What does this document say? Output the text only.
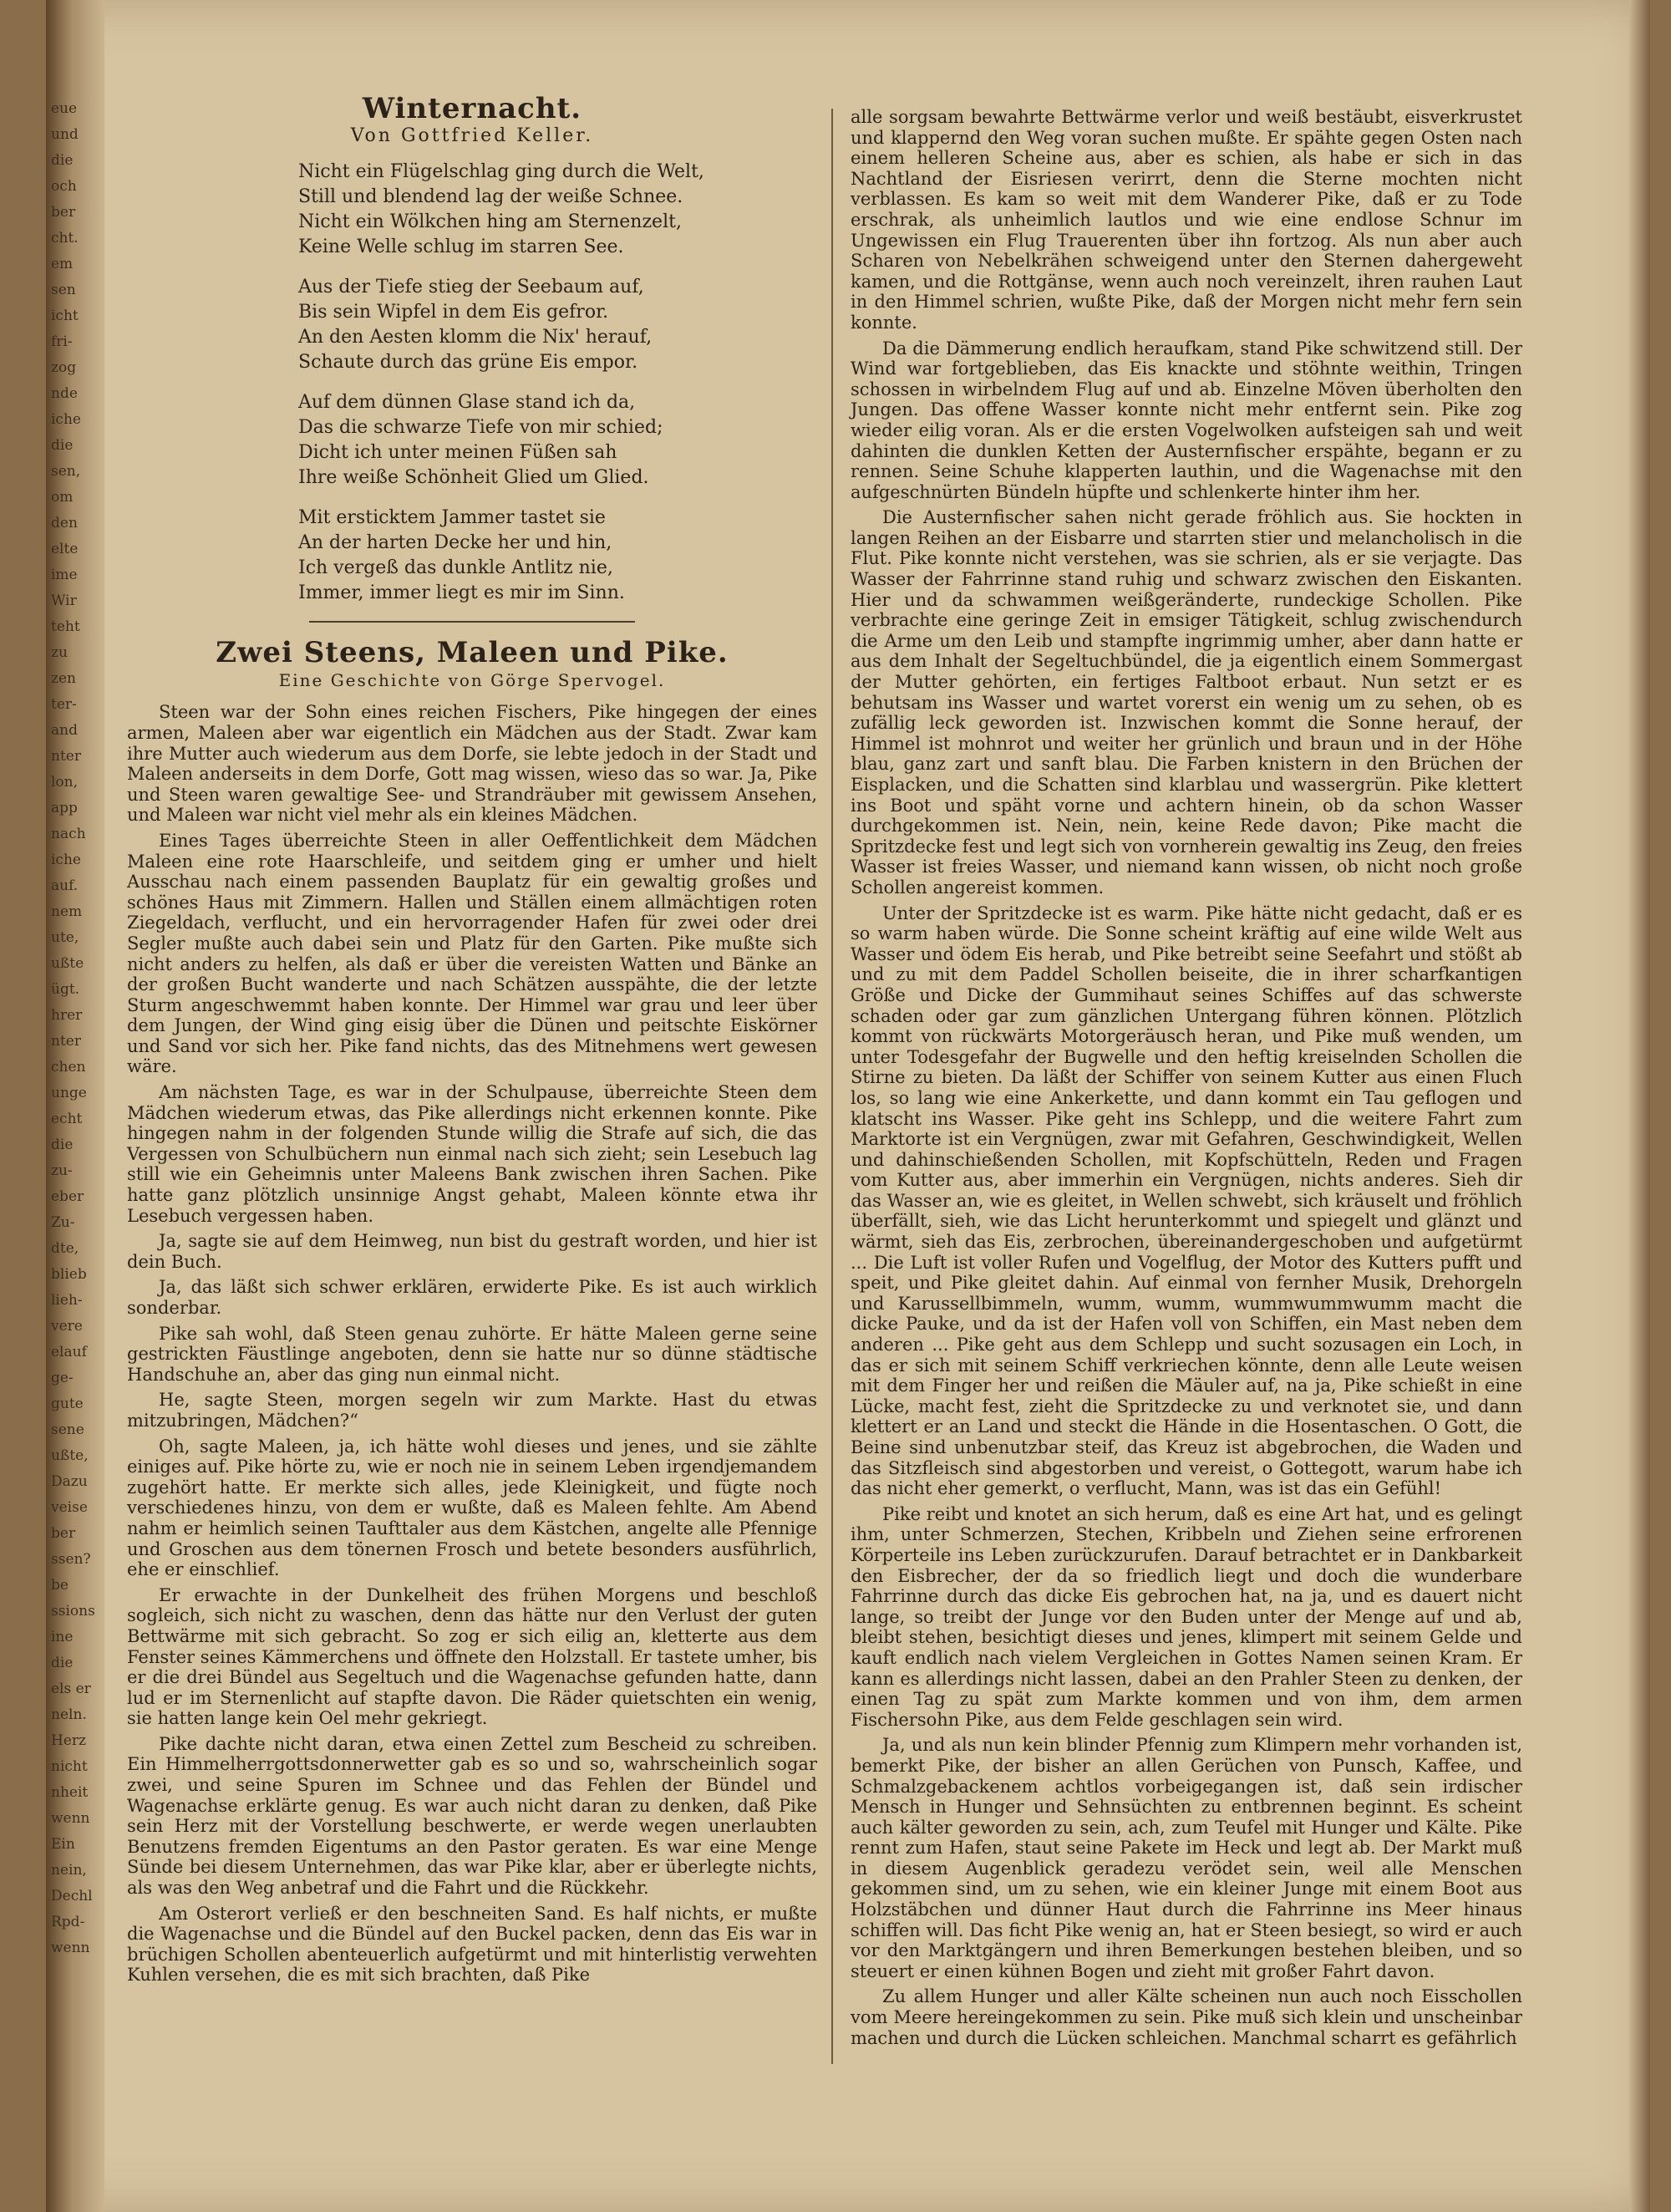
eue
und
die
och
ber
cht.
em
sen
icht
fri-
zog
nde
iche
die
sen,
om
den
elte
ime
Wir
teht
zu
zen
ter-
and
nter
lon,
app
nach
iche
auf.
nem
ute,
ußte
ügt.
hrer
nter
chen
unge
echt
die
zu-
eber
Zu-
dte,
blieb
lieh-
vere
elauf
ge-
gute
sene
ußte,
Dazu
veise
ber
ssen?
be
ssions
ine
die
els er
neln.
Herz
nicht
nheit
wenn
Ein
nein,
Dechl
Rpd-
wenn
Winternacht.
Von Gottfried Keller.

Nicht ein Flügelschlag ging durch die Welt,

Still und blendend lag der weiße Schnee.

Nicht ein Wölkchen hing am Sternenzelt,

Keine Welle schlug im starren See.

Aus der Tiefe stieg der Seebaum auf,

Bis sein Wipfel in dem Eis gefror.

An den Aesten klomm die Nix' herauf,

Schaute durch das grüne Eis empor.

Auf dem dünnen Glase stand ich da,

Das die schwarze Tiefe von mir schied;

Dicht ich unter meinen Füßen sah

Ihre weiße Schönheit Glied um Glied.

Mit ersticktem Jammer tastet sie

An der harten Decke her und hin,

Ich vergeß das dunkle Antlitz nie,

Immer, immer liegt es mir im Sinn.

Zwei Steens, Maleen und Pike.
Eine Geschichte von Görge Spervogel.

Steen war der Sohn eines reichen Fischers, Pike hingegen der eines armen, Maleen aber war eigentlich ein Mädchen aus der Stadt. Zwar kam ihre Mutter auch wiederum aus dem Dorfe, sie lebte jedoch in der Stadt und Maleen anderseits in dem Dorfe, Gott mag wissen, wieso das so war. Ja, Pike und Steen waren gewaltige See- und Strandräuber mit gewissem Ansehen, und Maleen war nicht viel mehr als ein kleines Mädchen.

Eines Tages überreichte Steen in aller Oeffentlichkeit dem Mädchen Maleen eine rote Haarschleife, und seitdem ging er umher und hielt Ausschau nach einem passenden Bauplatz für ein gewaltig großes und schönes Haus mit Zimmern. Hallen und Ställen einem allmächtigen roten Ziegeldach, verflucht, und ein hervorragender Hafen für zwei oder drei Segler mußte auch dabei sein und Platz für den Garten. Pike mußte sich nicht anders zu helfen, als daß er über die vereisten Watten und Bänke an der großen Bucht wanderte und nach Schätzen ausspähte, die der letzte Sturm angeschwemmt haben konnte. Der Himmel war grau und leer über dem Jungen, der Wind ging eisig über die Dünen und peitschte Eiskörner und Sand vor sich her. Pike fand nichts, das des Mitnehmens wert gewesen wäre.

Am nächsten Tage, es war in der Schulpause, überreichte Steen dem Mädchen wiederum etwas, das Pike allerdings nicht erkennen konnte. Pike hingegen nahm in der folgenden Stunde willig die Strafe auf sich, die das Vergessen von Schulbüchern nun einmal nach sich zieht; sein Lesebuch lag still wie ein Geheimnis unter Maleens Bank zwischen ihren Sachen. Pike hatte ganz plötzlich unsinnige Angst gehabt, Maleen könnte etwa ihr Lesebuch vergessen haben.

Ja, sagte sie auf dem Heimweg, nun bist du gestraft worden, und hier ist dein Buch.

Ja, das läßt sich schwer erklären, erwiderte Pike. Es ist auch wirklich sonderbar.

Pike sah wohl, daß Steen genau zuhörte. Er hätte Maleen gerne seine gestrickten Fäustlinge angeboten, denn sie hatte nur so dünne städtische Handschuhe an, aber das ging nun einmal nicht.

He, sagte Steen, morgen segeln wir zum Markte. Hast du etwas mitzubringen, Mädchen?“

Oh, sagte Maleen, ja, ich hätte wohl dieses und jenes, und sie zählte einiges auf. Pike hörte zu, wie er noch nie in seinem Leben irgendjemandem zugehört hatte. Er merkte sich alles, jede Kleinigkeit, und fügte noch verschiedenes hinzu, von dem er wußte, daß es Maleen fehlte. Am Abend nahm er heimlich seinen Taufttaler aus dem Kästchen, angelte alle Pfennige und Groschen aus dem tönernen Frosch und betete besonders ausführlich, ehe er einschlief.

Er erwachte in der Dunkelheit des frühen Morgens und beschloß sogleich, sich nicht zu waschen, denn das hätte nur den Verlust der guten Bettwärme mit sich gebracht. So zog er sich eilig an, kletterte aus dem Fenster seines Kämmerchens und öffnete den Holzstall. Er tastete umher, bis er die drei Bündel aus Segeltuch und die Wagenachse gefunden hatte, dann lud er im Sternenlicht auf stapfte davon. Die Räder quietschten ein wenig, sie hatten lange kein Oel mehr gekriegt.

Pike dachte nicht daran, etwa einen Zettel zum Bescheid zu schreiben. Ein Himmelherrgottsdonnerwetter gab es so und so, wahrscheinlich sogar zwei, und seine Spuren im Schnee und das Fehlen der Bündel und Wagenachse erklärte genug. Es war auch nicht daran zu denken, daß Pike sein Herz mit der Vorstellung beschwerte, er werde wegen unerlaubten Benutzens fremden Eigentums an den Pastor geraten. Es war eine Menge Sünde bei diesem Unternehmen, das war Pike klar, aber er überlegte nichts, als was den Weg anbetraf und die Fahrt und die Rückkehr.

Am Osterort verließ er den beschneiten Sand. Es half nichts, er mußte die Wagenachse und die Bündel auf den Buckel packen, denn das Eis war in brüchigen Schollen abenteuerlich aufgetürmt und mit hinterlistig verwehten Kuhlen versehen, die es mit sich brachten, daß Pike

alle sorgsam bewahrte Bettwärme verlor und weiß bestäubt, eisverkrustet und klappernd den Weg voran suchen mußte. Er spähte gegen Osten nach einem helleren Scheine aus, aber es schien, als habe er sich in das Nachtland der Eisriesen verirrt, denn die Sterne mochten nicht verblassen. Es kam so weit mit dem Wanderer Pike, daß er zu Tode erschrak, als unheimlich lautlos und wie eine endlose Schnur im Ungewissen ein Flug Trauerenten über ihn fortzog. Als nun aber auch Scharen von Nebelkrähen schweigend unter den Sternen dahergeweht kamen, und die Rottgänse, wenn auch noch vereinzelt, ihren rauhen Laut in den Himmel schrien, wußte Pike, daß der Morgen nicht mehr fern sein konnte.

Da die Dämmerung endlich heraufkam, stand Pike schwitzend still. Der Wind war fortgeblieben, das Eis knackte und stöhnte weithin, Tringen schossen in wirbelndem Flug auf und ab. Einzelne Möven überholten den Jungen. Das offene Wasser konnte nicht mehr entfernt sein. Pike zog wieder eilig voran. Als er die ersten Vogelwolken aufsteigen sah und weit dahinten die dunklen Ketten der Austernfischer erspähte, begann er zu rennen. Seine Schuhe klapperten lauthin, und die Wagenachse mit den aufgeschnürten Bündeln hüpfte und schlenkerte hinter ihm her.

Die Austernfischer sahen nicht gerade fröhlich aus. Sie hockten in langen Reihen an der Eisbarre und starrten stier und melancholisch in die Flut. Pike konnte nicht verstehen, was sie schrien, als er sie verjagte. Das Wasser der Fahrrinne stand ruhig und schwarz zwischen den Eiskanten. Hier und da schwammen weißgeränderte, rundeckige Schollen. Pike verbrachte eine geringe Zeit in emsiger Tätigkeit, schlug zwischendurch die Arme um den Leib und stampfte ingrimmig umher, aber dann hatte er aus dem Inhalt der Segeltuchbündel, die ja eigentlich einem Sommergast der Mutter gehörten, ein fertiges Faltboot erbaut. Nun setzt er es behutsam ins Wasser und wartet vorerst ein wenig um zu sehen, ob es zufällig leck geworden ist. Inzwischen kommt die Sonne herauf, der Himmel ist mohnrot und weiter her grünlich und braun und in der Höhe blau, ganz zart und sanft blau. Die Farben knistern in den Brüchen der Eisplacken, und die Schatten sind klarblau und wassergrün. Pike klettert ins Boot und späht vorne und achtern hinein, ob da schon Wasser durchgekommen ist. Nein, nein, keine Rede davon; Pike macht die Spritzdecke fest und legt sich von vornherein gewaltig ins Zeug, den freies Wasser ist freies Wasser, und niemand kann wissen, ob nicht noch große Schollen angereist kommen.

Unter der Spritzdecke ist es warm. Pike hätte nicht gedacht, daß er es so warm haben würde. Die Sonne scheint kräftig auf eine wilde Welt aus Wasser und ödem Eis herab, und Pike betreibt seine Seefahrt und stößt ab und zu mit dem Paddel Schollen beiseite, die in ihrer scharfkantigen Größe und Dicke der Gummihaut seines Schiffes auf das schwerste schaden oder gar zum gänzlichen Untergang führen können. Plötzlich kommt von rückwärts Motorgeräusch heran, und Pike muß wenden, um unter Todesgefahr der Bugwelle und den heftig kreiselnden Schollen die Stirne zu bieten. Da läßt der Schiffer von seinem Kutter aus einen Fluch los, so lang wie eine Ankerkette, und dann kommt ein Tau geflogen und klatscht ins Wasser. Pike geht ins Schlepp, und die weitere Fahrt zum Marktorte ist ein Vergnügen, zwar mit Gefahren, Geschwindigkeit, Wellen und dahinschießenden Schollen, mit Kopfschütteln, Reden und Fragen vom Kutter aus, aber immerhin ein Vergnügen, nichts anderes. Sieh dir das Wasser an, wie es gleitet, in Wellen schwebt, sich kräuselt und fröhlich überfällt, sieh, wie das Licht herunterkommt und spiegelt und glänzt und wärmt, sieh das Eis, zerbrochen, übereinandergeschoben und aufgetürmt ... Die Luft ist voller Rufen und Vogelflug, der Motor des Kutters pufft und speit, und Pike gleitet dahin. Auf einmal von fernher Musik, Drehorgeln und Karussellbimmeln, wumm, wumm, wummwummwumm macht die dicke Pauke, und da ist der Hafen voll von Schiffen, ein Mast neben dem anderen ... Pike geht aus dem Schlepp und sucht sozusagen ein Loch, in das er sich mit seinem Schiff verkriechen könnte, denn alle Leute weisen mit dem Finger her und reißen die Mäuler auf, na ja, Pike schießt in eine Lücke, macht fest, zieht die Spritzdecke zu und verknotet sie, und dann klettert er an Land und steckt die Hände in die Hosentaschen. O Gott, die Beine sind unbenutzbar steif, das Kreuz ist abgebrochen, die Waden und das Sitzfleisch sind abgestorben und vereist, o Gottegott, warum habe ich das nicht eher gemerkt, o verflucht, Mann, was ist das ein Gefühl!

Pike reibt und knotet an sich herum, daß es eine Art hat, und es gelingt ihm, unter Schmerzen, Stechen, Kribbeln und Ziehen seine erfrorenen Körperteile ins Leben zurückzurufen. Darauf betrachtet er in Dankbarkeit den Eisbrecher, der da so friedlich liegt und doch die wunderbare Fahrrinne durch das dicke Eis gebrochen hat, na ja, und es dauert nicht lange, so treibt der Junge vor den Buden unter der Menge auf und ab, bleibt stehen, besichtigt dieses und jenes, klimpert mit seinem Gelde und kauft endlich nach vielem Vergleichen in Gottes Namen seinen Kram. Er kann es allerdings nicht lassen, dabei an den Prahler Steen zu denken, der einen Tag zu spät zum Markte kommen und von ihm, dem armen Fischersohn Pike, aus dem Felde geschlagen sein wird.

Ja, und als nun kein blinder Pfennig zum Klimpern mehr vorhanden ist, bemerkt Pike, der bisher an allen Gerüchen von Punsch, Kaffee, und Schmalzgebackenem achtlos vorbeigegangen ist, daß sein irdischer Mensch in Hunger und Sehnsüchten zu entbrennen beginnt. Es scheint auch kälter geworden zu sein, ach, zum Teufel mit Hunger und Kälte. Pike rennt zum Hafen, staut seine Pakete im Heck und legt ab. Der Markt muß in diesem Augenblick geradezu verödet sein, weil alle Menschen gekommen sind, um zu sehen, wie ein kleiner Junge mit einem Boot aus Holzstäbchen und dünner Haut durch die Fahrrinne ins Meer hinaus schiffen will. Das ficht Pike wenig an, hat er Steen besiegt, so wird er auch vor den Marktgängern und ihren Bemerkungen bestehen bleiben, und so steuert er einen kühnen Bogen und zieht mit großer Fahrt davon.

Zu allem Hunger und aller Kälte scheinen nun auch noch Eisschollen vom Meere hereingekommen zu sein. Pike muß sich klein und unscheinbar machen und durch die Lücken schleichen. Manchmal scharrt es gefährlich
